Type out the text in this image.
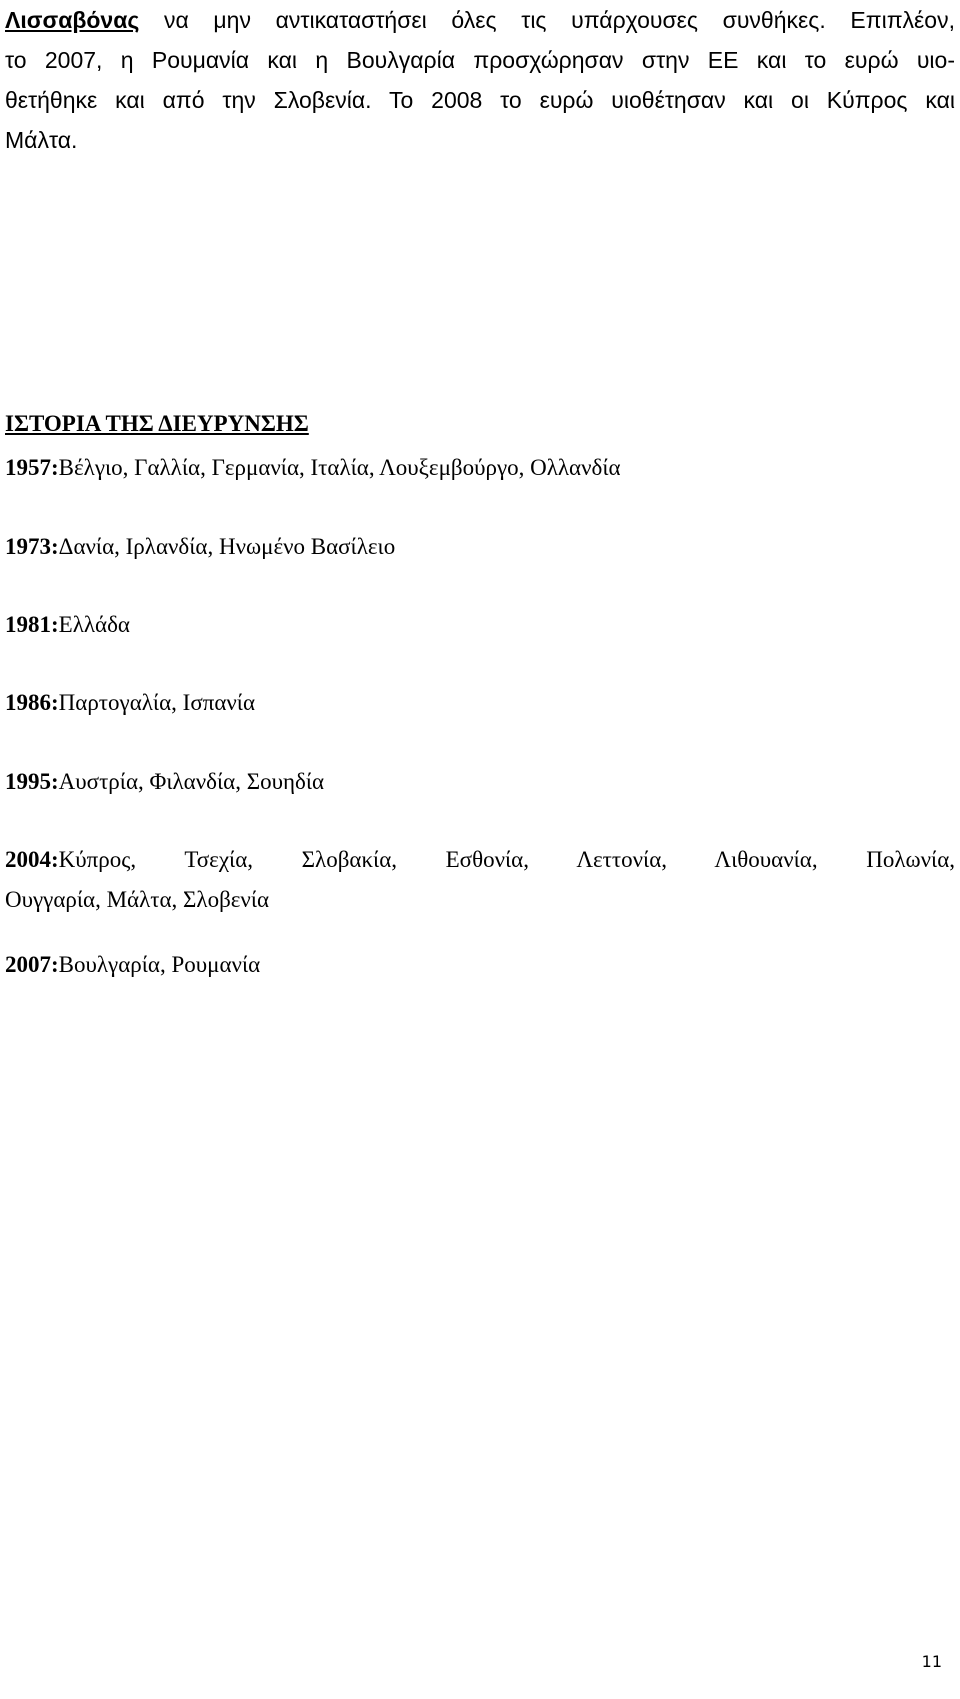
Λισσαβόνας να μην αντικαταστήσει όλες τις υπάρχουσες συνθήκες. Επιπλέον,
το 2007, η Ρουμανία και η Βουλγαρία προσχώρησαν στην ΕΕ και το ευρώ υιο-
θετήθηκε και από την Σλοβενία. Το 2008 το ευρώ υιοθέτησαν και οι Κύπρος και
Μάλτα.

ΙΣΤΟΡΙΑ ΤΗΣ ΔΙΕΥΡΥΝΣΗΣ

1957:Βέλγιο, Γαλλία, Γερμανία, Ιταλία, Λουξεμβούργο, Ολλανδία

1973:Δανία, Ιρλανδία, Ηνωμένο Βασίλειο

1981:Ελλάδα

1986:Παρτογαλία, Ισπανία

1995:Αυστρία, Φιλανδία, Σουηδία

2004:Κύπρος, Τσεχία, Σλοβακία, Εσθονία, Λεττονία, Λιθουανία, Πολωνία,
Ουγγαρία, Μάλτα, Σλοβενία

2007:Βουλγαρία, Ρουμανία

11
